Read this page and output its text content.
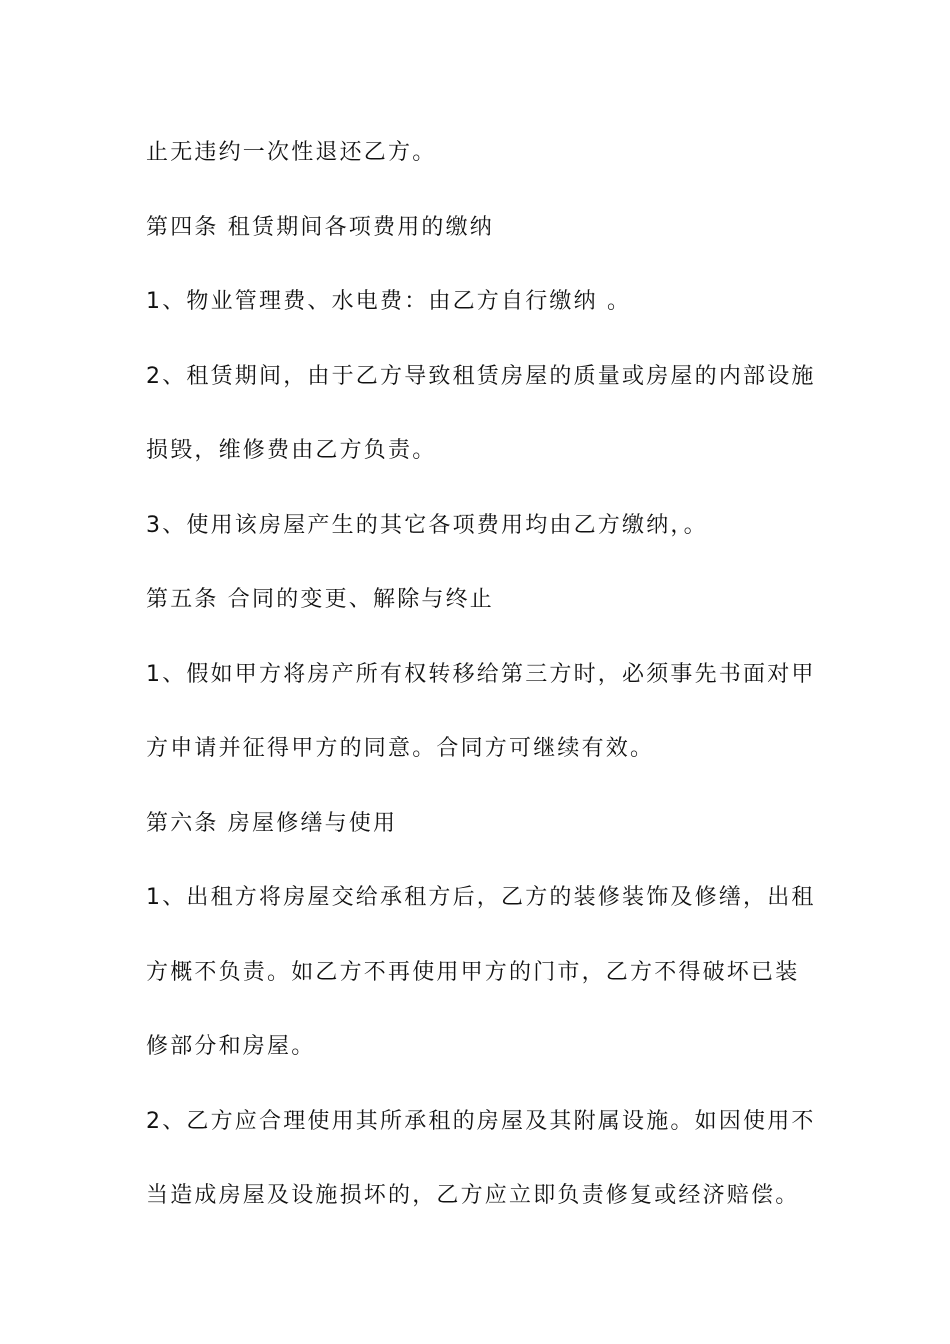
止无违约一次性退还乙方。

第四条 租赁期间各项费用的缴纳

1、物业管理费、水电费：由乙方自行缴纳 。

2、租赁期间，由于乙方导致租赁房屋的质量或房屋的内部设施

损毁，维修费由乙方负责。

3、使用该房屋产生的其它各项费用均由乙方缴纳，。

第五条 合同的变更、解除与终止

1、假如甲方将房产所有权转移给第三方时，必须事先书面对甲

方申请并征得甲方的同意。合同方可继续有效。

第六条 房屋修缮与使用

1、出租方将房屋交给承租方后，乙方的装修装饰及修缮，出租

方概不负责。如乙方不再使用甲方的门市，乙方不得破坏已装

修部分和房屋。

2、乙方应合理使用其所承租的房屋及其附属设施。如因使用不

当造成房屋及设施损坏的，乙方应立即负责修复或经济赔偿。
